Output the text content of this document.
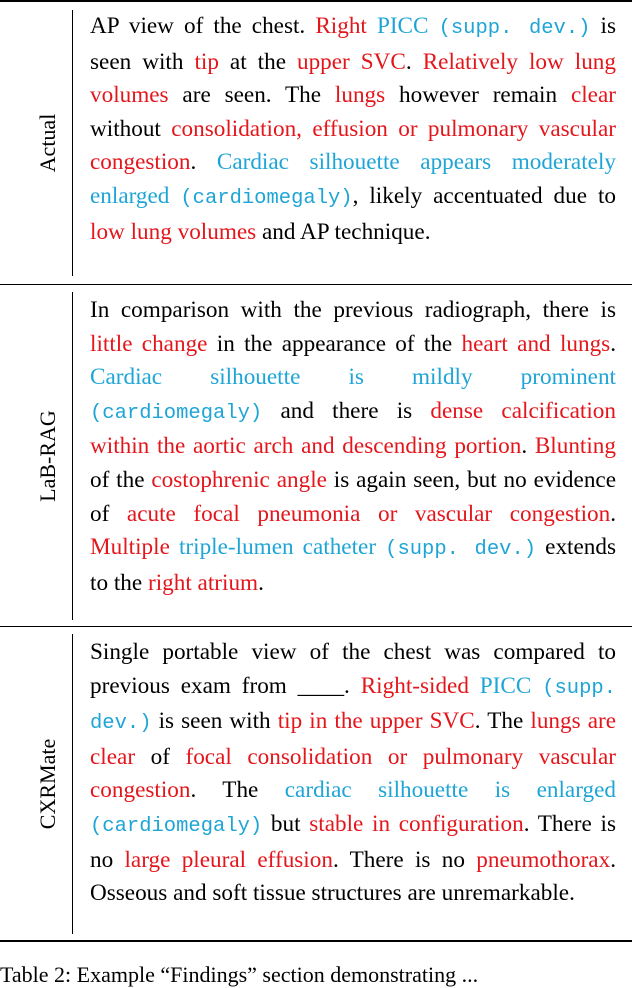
Actual

AP view of the chest. Right PICC (supp. dev.) is seen with tip at the upper SVC. Relatively low lung volumes are seen. The lungs however remain clear without consolidation, effusion or pulmonary vascular congestion. Cardiac silhouette appears moderately enlarged (cardiomegaly), likely accentuated due to low lung volumes and AP technique.

LaB-RAG

In comparison with the previous radiograph, there is little change in the appearance of the heart and lungs. Cardiac silhouette is mildly prominent (cardiomegaly) and there is dense calcification within the aortic arch and descending portion. Blunting of the costophrenic angle is again seen, but no evidence of acute focal pneumonia or vascular congestion. Multiple triple-lumen catheter (supp. dev.) extends to the right atrium.

CXRMate

Single portable view of the chest was compared to previous exam from ____. Right-sided PICC (supp. dev.) is seen with tip in the upper SVC. The lungs are clear of focal consolidation or pulmonary vascular congestion. The cardiac silhouette is enlarged (cardiomegaly) but stable in configuration. There is no large pleural effusion. There is no pneumothorax. Osseous and soft tissue structures are unremarkable.

Table 2: Example “Findings” section demonstrating ...
